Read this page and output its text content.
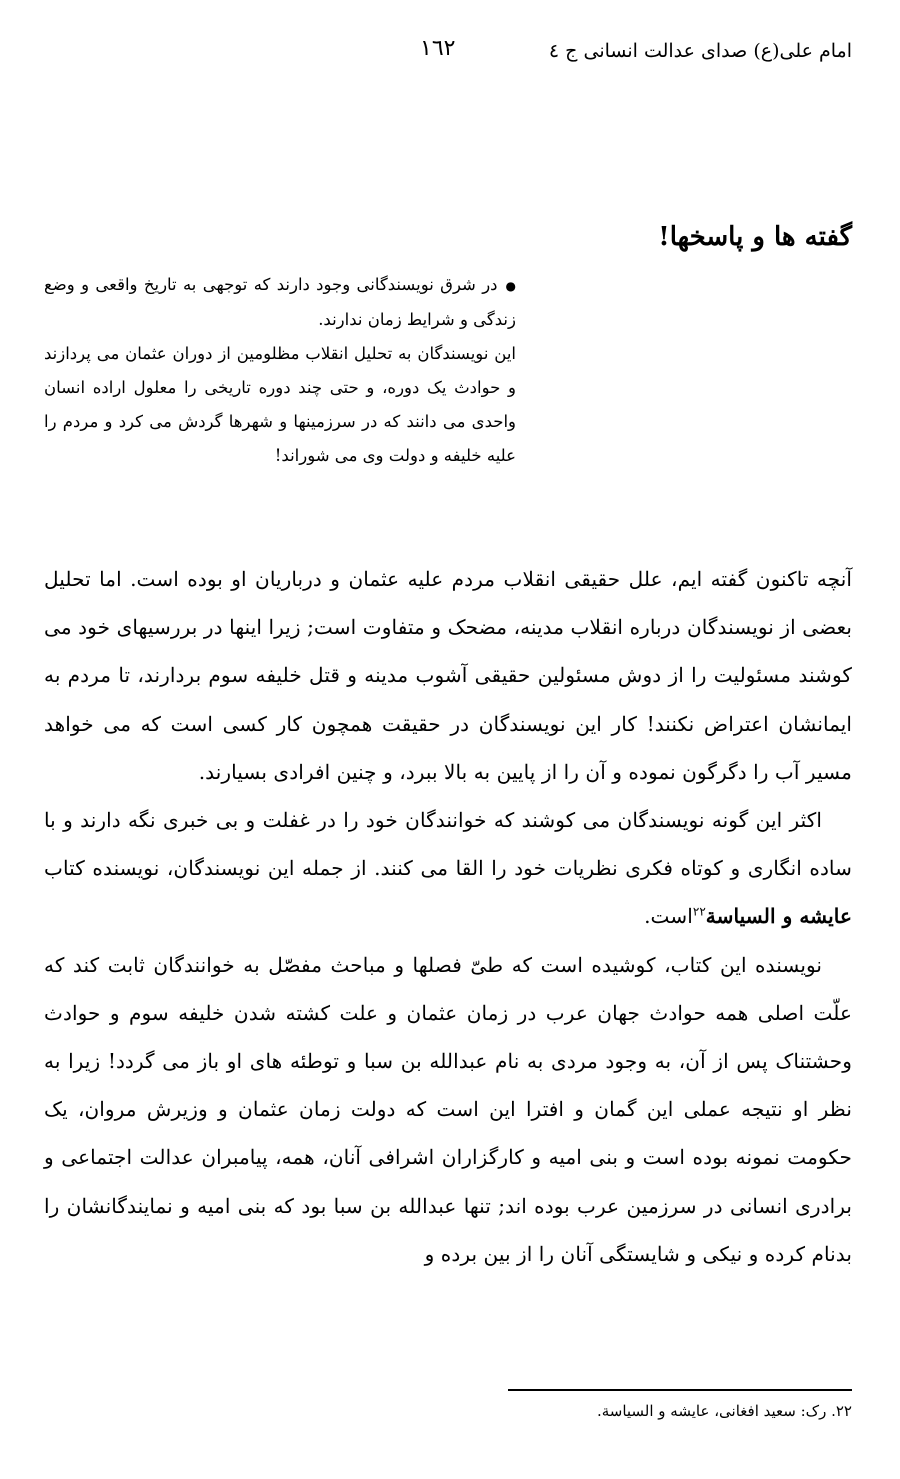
امام علی(ع) صدای عدالت انسانی ج ٤
١٦٢
گفته ها و پاسخها!

●در شرق نویسندگانی وجود دارند که توجهی به تاریخ واقعی و وضع زندگی و شرایط زمان ندارند.

این نویسندگان به تحلیل انقلاب مظلومین از دوران عثمان می پردازند و حوادث یک دوره، و حتی چند دوره تاریخی را معلول اراده انسان واحدی می دانند که در سرزمینها و شهرها گردش می کرد و مردم را علیه خلیفه و دولت وی می شوراند!

آنچه تاکنون گفته ایم، علل حقیقی انقلاب مردم علیه عثمان و درباریان او بوده است. اما تحلیل بعضی از نویسندگان درباره انقلاب مدینه، مضحک و متفاوت است; زیرا اینها در بررسیهای خود می کوشند مسئولیت را از دوش مسئولین حقیقی آشوب مدینه و قتل خلیفه سوم بردارند، تا مردم به ایمانشان اعتراض نکنند! کار این نویسندگان در حقیقت همچون کار کسی است که می خواهد مسیر آب را دگرگون نموده و آن را از پایین به بالا ببرد، و چنین افرادی بسیارند.

اکثر این گونه نویسندگان می کوشند که خوانندگان خود را در غفلت و بی خبری نگه دارند و با ساده انگاری و کوتاه فکری نظریات خود را القا می کنند. از جمله این نویسندگان، نویسنده کتاب عایشه و السیاسة$^{٢٢}$است.

نویسنده این کتاب، کوشیده است که طیّ فصلها و مباحث مفصّل به خوانندگان ثابت کند که علّت اصلی همه حوادث جهان عرب در زمان عثمان و علت کشته شدن خلیفه سوم و حوادث وحشتناک پس از آن، به وجود مردی به نام عبدالله بن سبا و توطئه های او باز می گردد! زیرا به نظر او نتیجه عملی این گمان و افترا این است که دولت زمان عثمان و وزیرش مروان، یک حکومت نمونه بوده است و بنی امیه و کارگزاران اشرافی آنان، همه، پیامبران عدالت اجتماعی و برادری انسانی در سرزمین عرب بوده اند; تنها عبدالله بن سبا بود که بنی امیه و نمایندگانشان را بدنام کرده و نیکی و شایستگی آنان را از بین برده و

٢٢. رک: سعید افغانی، عایشه و السیاسة.
